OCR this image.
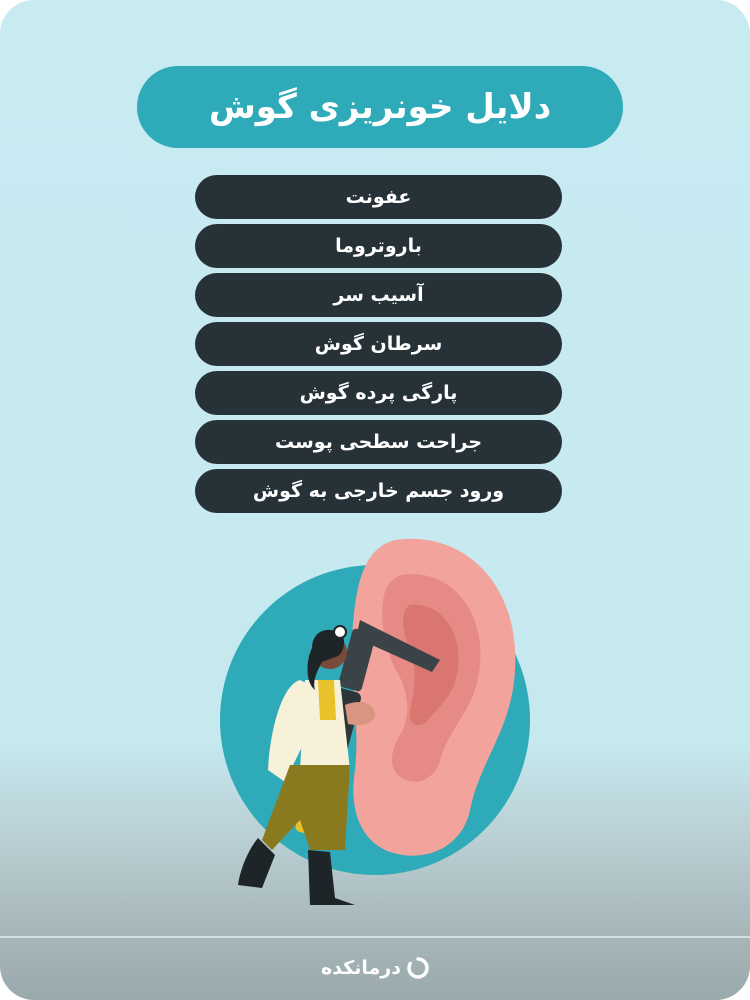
دلایل خونریزی گوش
عفونت
باروتروما
آسیب سر
سرطان گوش
پارگی پرده گوش
جراحت سطحی پوست
ورود جسم خارجی به گوش
درمانکده
